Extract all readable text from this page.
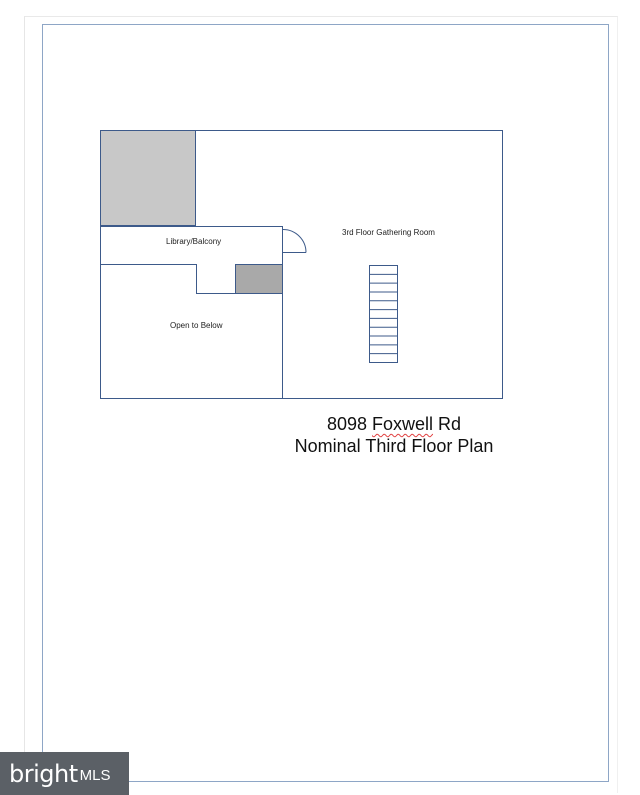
Library/Balcony
3rd Floor Gathering Room
Open to Below
8098 Foxwell Rd
Nominal Third Floor Plan
bright MLS
